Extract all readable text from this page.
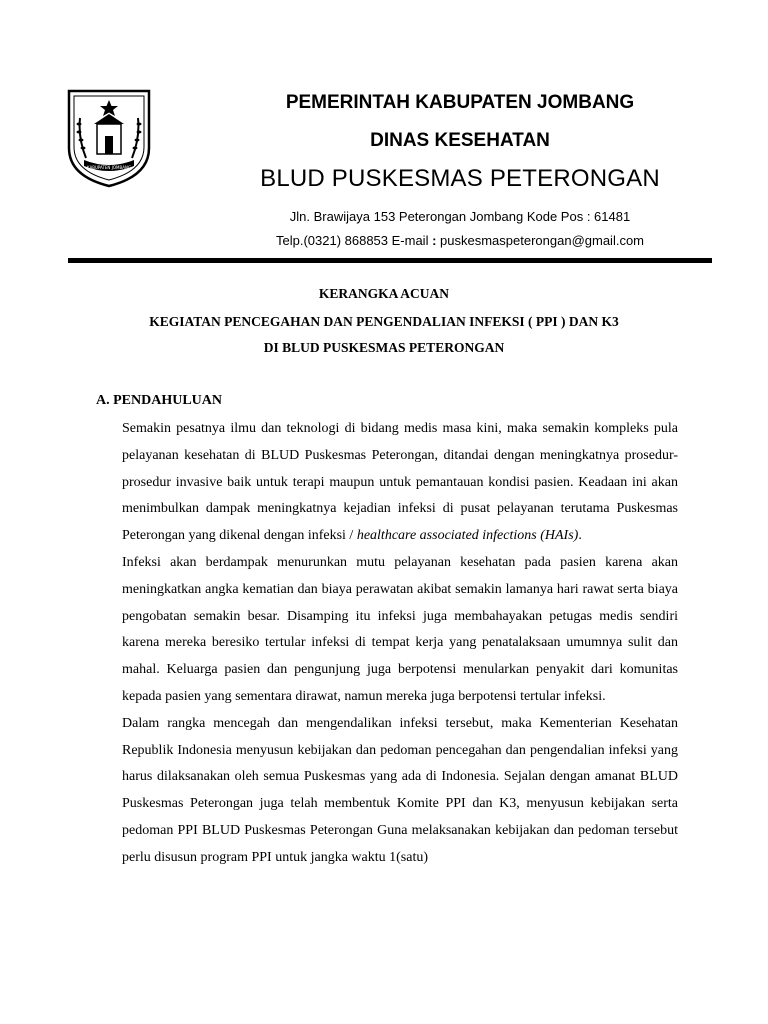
KABUPATEN JOMBANG
PEMERINTAH KABUPATEN JOMBANG
DINAS KESEHATAN
BLUD PUSKESMAS PETERONGAN
Jln. Brawijaya 153 Peterongan Jombang Kode Pos : 61481
Telp.(0321) 868853 E-mail : puskesmaspeterongan@gmail.com
KERANGKA ACUAN
KEGIATAN PENCEGAHAN DAN PENGENDALIAN INFEKSI ( PPI ) DAN K3
DI BLUD PUSKESMAS PETERONGAN
A. PENDAHULUAN

Semakin pesatnya ilmu dan teknologi di bidang medis masa kini, maka semakin kompleks pula pelayanan kesehatan di BLUD Puskesmas Peterongan, ditandai dengan meningkatnya prosedur-prosedur invasive baik untuk terapi maupun untuk pemantauan kondisi pasien. Keadaan ini akan menimbulkan dampak meningkatnya kejadian infeksi di pusat pelayanan terutama Puskesmas Peterongan yang dikenal dengan infeksi / healthcare associated infections (HAIs).

Infeksi akan berdampak menurunkan mutu pelayanan kesehatan pada pasien karena akan meningkatkan angka kematian dan biaya perawatan akibat semakin lamanya hari rawat serta biaya pengobatan semakin besar. Disamping itu infeksi juga membahayakan petugas medis sendiri karena mereka beresiko tertular infeksi di tempat kerja yang penatalaksaan umumnya sulit dan mahal. Keluarga pasien dan pengunjung juga berpotensi menularkan penyakit dari komunitas kepada pasien yang sementara dirawat, namun mereka juga berpotensi tertular infeksi.

Dalam rangka mencegah dan mengendalikan infeksi tersebut, maka Kementerian Kesehatan Republik Indonesia menyusun kebijakan dan pedoman pencegahan dan pengendalian infeksi yang harus dilaksanakan oleh semua Puskesmas yang ada di Indonesia. Sejalan dengan amanat BLUD Puskesmas Peterongan juga telah membentuk Komite PPI dan K3, menyusun kebijakan serta pedoman PPI BLUD Puskesmas Peterongan Guna melaksanakan kebijakan dan pedoman tersebut perlu disusun program PPI untuk jangka waktu 1(satu)
